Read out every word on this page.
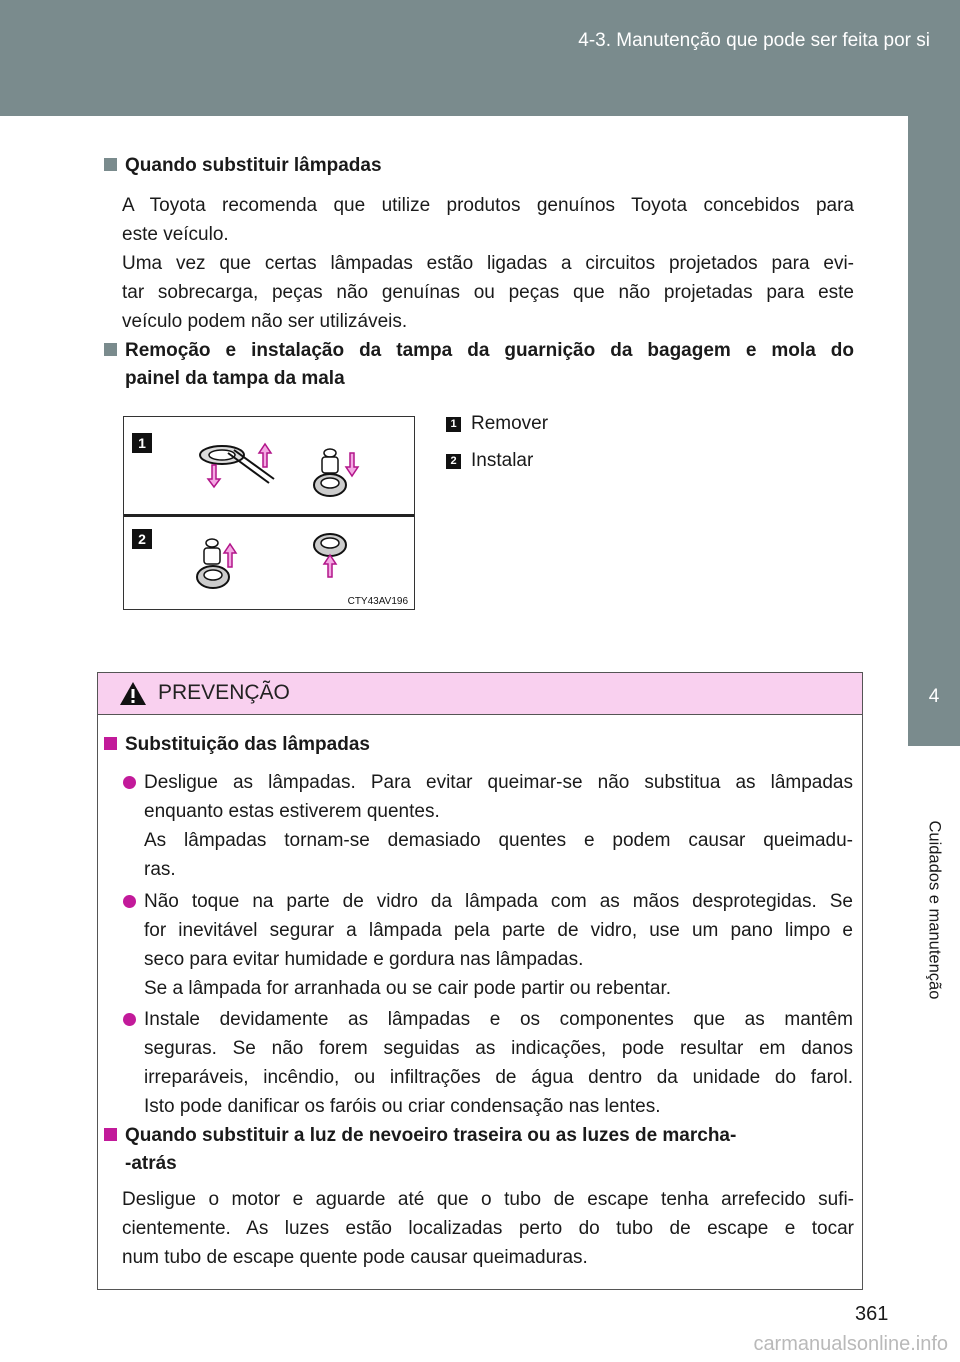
4-3. Manutenção que pode ser feita por si
4
Cuidados e manutenção
Quando substituir lâmpadas
A Toyota recomenda que utilize produtos genuínos Toyota concebidos para
este veículo.
Uma vez que certas lâmpadas estão ligadas a circuitos projetados para evi-
tar sobrecarga, peças não genuínas ou peças que não projetadas para este
veículo podem não ser utilizáveis.
Remoção e instalação da tampa da guarnição da bagagem e mola do
painel da tampa da mala
1
2
CTY43AV196
1 Remover
2 Instalar
PREVENÇÃO
Substituição das lâmpadas
Desligue as lâmpadas. Para evitar queimar-se não substitua as lâmpadas
enquanto estas estiverem quentes.
As lâmpadas tornam-se demasiado quentes e podem causar queimadu-
ras.
Não toque na parte de vidro da lâmpada com as mãos desprotegidas. Se
for inevitável segurar a lâmpada pela parte de vidro, use um pano limpo e
seco para evitar humidade e gordura nas lâmpadas.
Se a lâmpada for arranhada ou se cair pode partir ou rebentar.
Instale devidamente as lâmpadas e os componentes que as mantêm
seguras. Se não forem seguidas as indicações, pode resultar em danos
irreparáveis, incêndio, ou infiltrações de água dentro da unidade do farol.
Isto pode danificar os faróis ou criar condensação nas lentes.
Quando substituir a luz de nevoeiro traseira ou as luzes de marcha-
-atrás
Desligue o motor e aguarde até que o tubo de escape tenha arrefecido sufi-
cientemente. As luzes estão localizadas perto do tubo de escape e tocar
num tubo de escape quente pode causar queimaduras.
361
carmanualsonline.info
